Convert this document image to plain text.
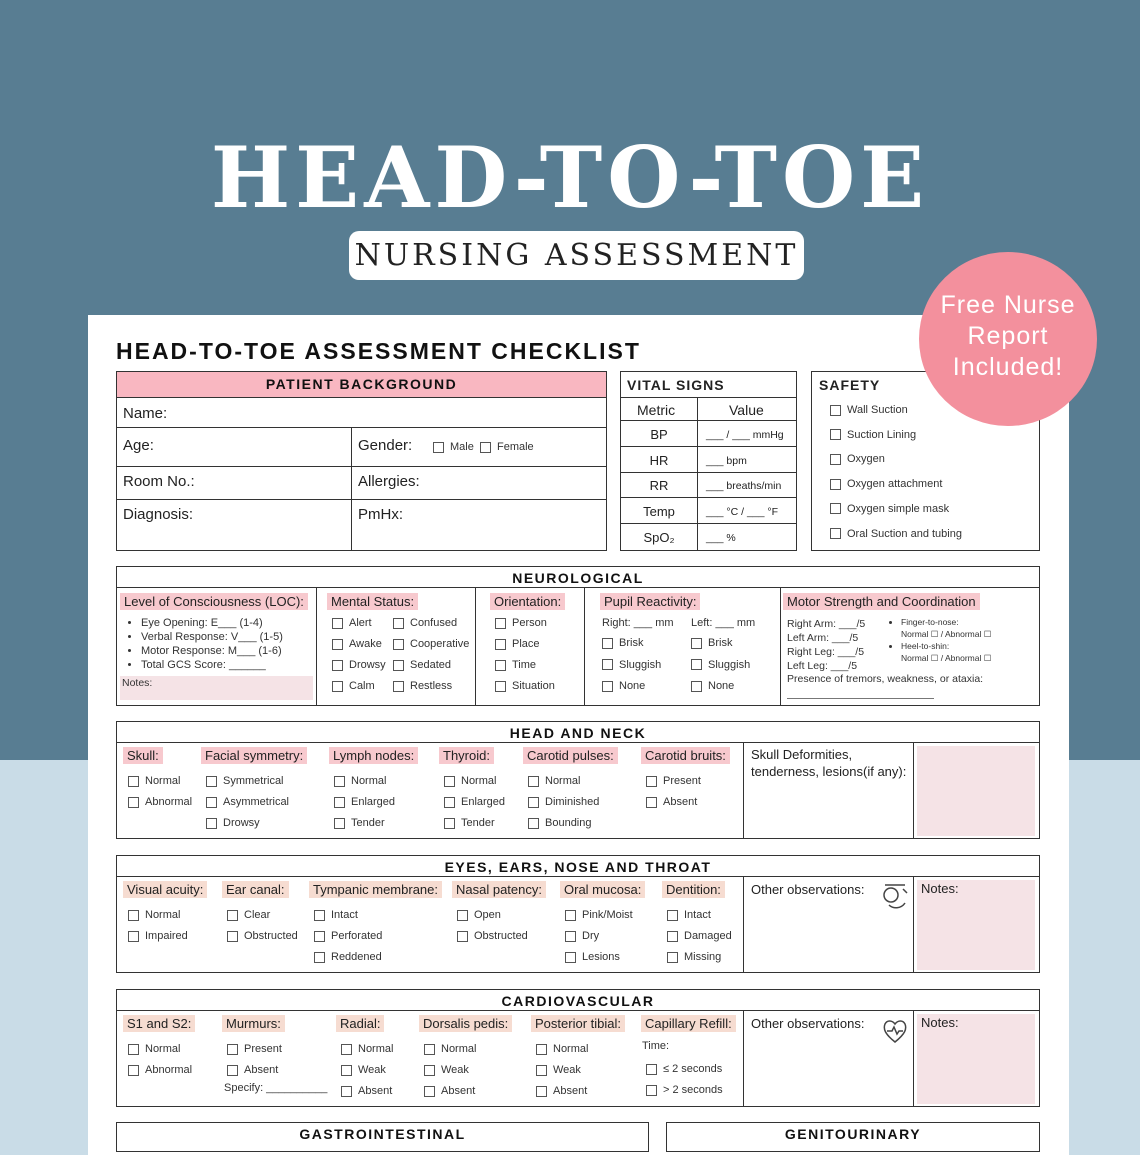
HEAD-TO-TOE
NURSING ASSESSMENT
Free Nurse
Report
Included!
HEAD-TO-TOE ASSESSMENT CHECKLIST
PATIENT BACKGROUND
Name:
Age:	Gender:	Male	Female
Room No.:	Allergies:
Diagnosis:	PmHx:
VITAL SIGNS
Metric	Value
BP	___ / ___ mmHg
HR	___ bpm
RR	___ breaths/min
Temp	___ °C / ___ °F
SpO₂	___ %
SAFETY
Wall Suction
Suction Lining
Oxygen
Oxygen attachment
Oxygen simple mask
Oral Suction and tubing
NEUROLOGICAL
Level of Consciousness (LOC):
• Eye Opening: E___ (1-4)
• Verbal Response: V___ (1-5)
• Motor Response: M___ (1-6)
• Total GCS Score: ______
Notes:
Mental Status:
Alert
Awake
Drowsy
Calm
Confused
Cooperative
Sedated
Restless
Orientation:
Person
Place
Time
Situation
Pupil Reactivity:
Right: ___ mm Left: ___ mm
Brisk
Sluggish
None
Brisk
Sluggish
None
Motor Strength and Coordination
Right Arm: ___/5
Left Arm: ___/5
Right Leg: ___/5
Left Leg: ___/5
• Finger-to-nose:
Normal ☐ / Abnormal ☐
• Heel-to-shin:
Normal ☐ / Abnormal ☐
Presence of tremors, weakness, or ataxia:
HEAD AND NECK
Skull Deformities, tenderness, lesions(if any):
Skull:
Normal
Abnormal
Facial symmetry:
Symmetrical
Asymmetrical
Drowsy
Lymph nodes:
Normal
Enlarged
Tender
Thyroid:
Normal
Enlarged
Tender
Carotid pulses:
Normal
Diminished
Bounding
Carotid bruits:
Present
Absent
EYES, EARS, NOSE AND THROAT
Other observations:	Notes:
Visual acuity:
Normal
Impaired
Ear canal:
Clear
Obstructed
Tympanic membrane:
Intact
Perforated
Reddened
Nasal patency:
Open
Obstructed
Oral mucosa:
Pink/Moist
Dry
Lesions
Dentition:
Intact
Damaged
Missing
CARDIOVASCULAR
Specify: __________
Time:
Other observations:	Notes:
S1 and S2:
Normal
Abnormal
Murmurs:
Present
Absent
Radial:
Normal
Weak
Absent
Dorsalis pedis:
Normal
Weak
Absent
Posterior tibial:
Normal
Weak
Absent
Capillary Refill:
≤ 2 seconds
> 2 seconds
GASTROINTESTINAL	GENITOURINARY
